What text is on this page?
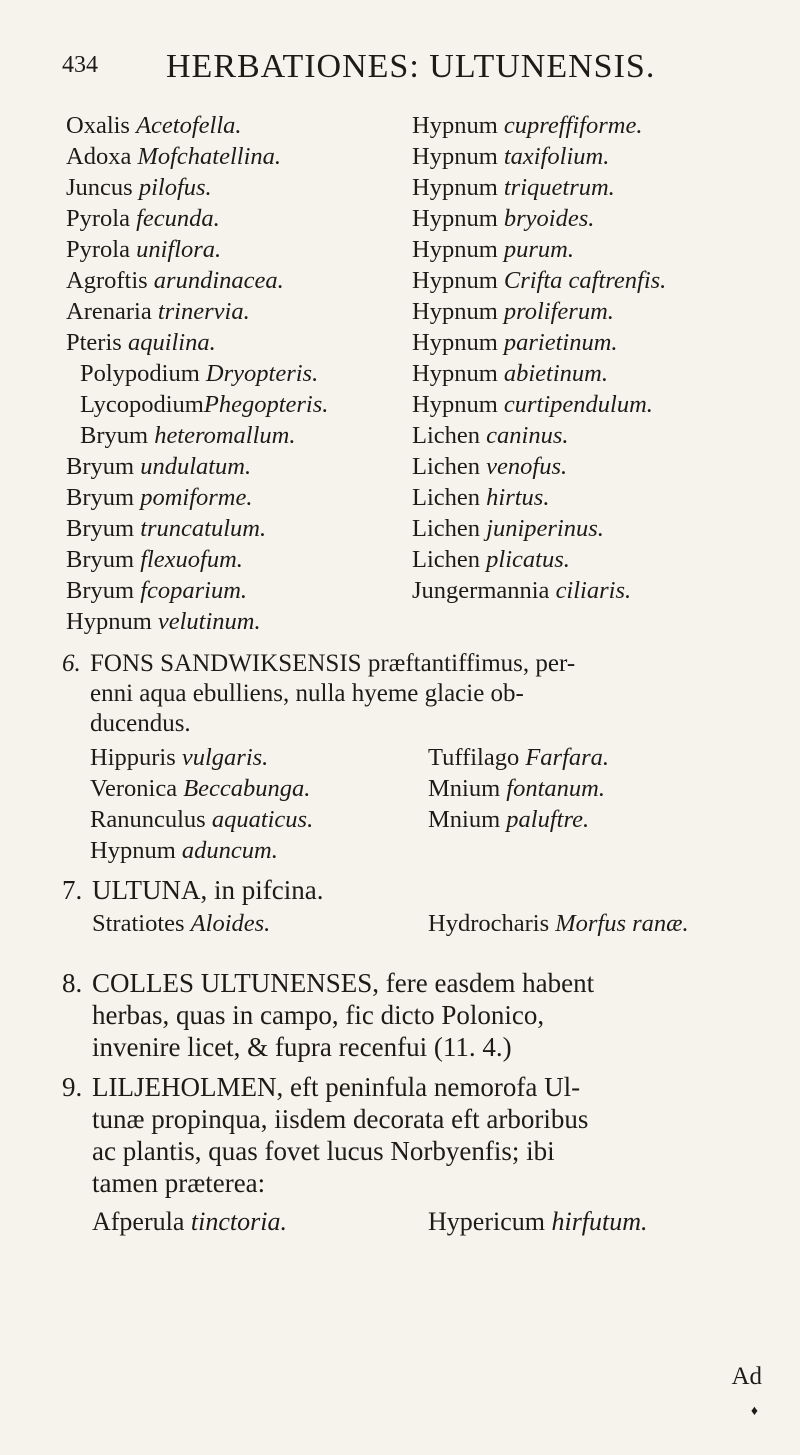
434 HERBATIONES: ULTUNENSIS.
Oxalis Acetofella.
Adoxa Mofchatellina.
Juncus pilofus.
Pyrola fecunda.
Pyrola uniflora.
Agroftis arundinacea.
Arenaria trinervia.
Pteris aquilina.
Polypodium Dryopteris.
LycopodiumPhegopteris.
Bryum heteromallum.
Bryum undulatum.
Bryum pomiforme.
Bryum truncatulum.
Bryum flexuofum.
Bryum fcoparium.
Hypnum velutinum.
Hypnum cupreffiforme.
Hypnum taxifolium.
Hypnum triquetrum.
Hypnum bryoides.
Hypnum purum.
Hypnum Crifta caftrenfis.
Hypnum proliferum.
Hypnum parietinum.
Hypnum abietinum.
Hypnum curtipendulum.
Lichen caninus.
Lichen venofus.
Lichen hirtus.
Lichen juniperinus.
Lichen plicatus.
Jungermannia ciliaris.
6. FONS SANDWIKSENSIS præftantiffimus, per-
enni aqua ebulliens, nulla hyeme glacie ob-
ducendus.
Hippuris vulgaris.
Veronica Beccabunga.
Ranunculus aquaticus.
Hypnum aduncum.
Tuffilago Farfara.
Mnium fontanum.
Mnium paluftre.
7. ULTUNA, in pifcina.
Stratiotes Aloides.	Hydrocharis Morfus ranæ.
8. COLLES ULTUNENSES, fere easdem habent
herbas, quas in campo, fic dicto Polonico,
invenire licet, & fupra recenfui (11. 4.)
9. LILJEHOLMEN, eft peninfula nemorofa Ul-
tunæ propinqua, iisdem decorata eft arboribus
ac plantis, quas fovet lucus Norbyenfis; ibi
tamen præterea:
Afperula tinctoria.	Hypericum hirfutum.
Ad
♦
